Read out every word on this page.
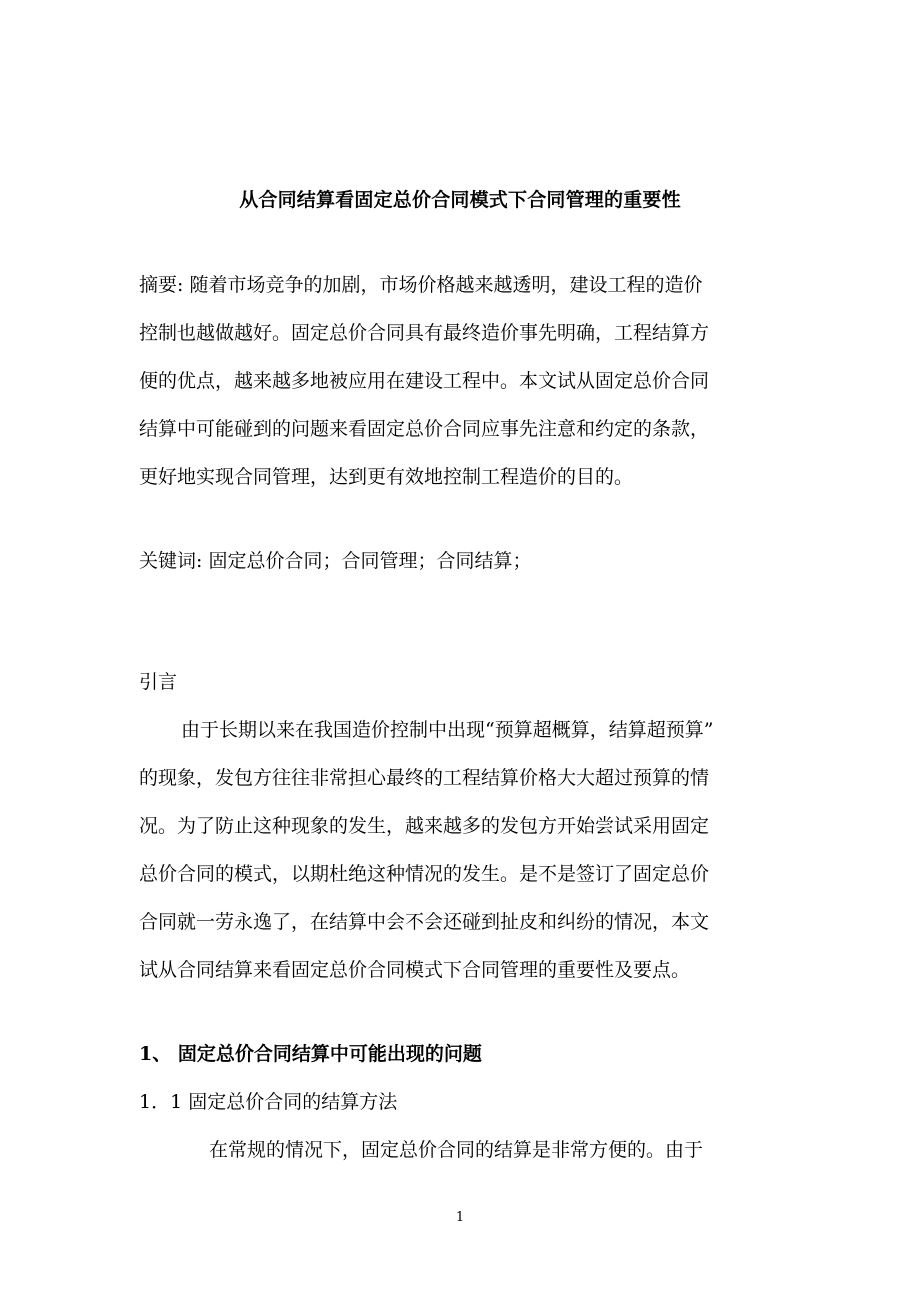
从合同结算看固定总价合同模式下合同管理的重要性
摘要: 随着市场竞争的加剧，市场价格越来越透明，建设工程的造价
控制也越做越好。固定总价合同具有最终造价事先明确，工程结算方
便的优点，越来越多地被应用在建设工程中。本文试从固定总价合同
结算中可能碰到的问题来看固定总价合同应事先注意和约定的条款，
更好地实现合同管理，达到更有效地控制工程造价的目的。
关键词: 固定总价合同；合同管理；合同结算；
引言
由于长期以来在我国造价控制中出现“预算超概算，结算超预算”
的现象，发包方往往非常担心最终的工程结算价格大大超过预算的情
况。为了防止这种现象的发生，越来越多的发包方开始尝试采用固定
总价合同的模式，以期杜绝这种情况的发生。是不是签订了固定总价
合同就一劳永逸了，在结算中会不会还碰到扯皮和纠纷的情况，本文
试从合同结算来看固定总价合同模式下合同管理的重要性及要点。
1、 固定总价合同结算中可能出现的问题
1．1 固定总价合同的结算方法
在常规的情况下，固定总价合同的结算是非常方便的。由于
1
